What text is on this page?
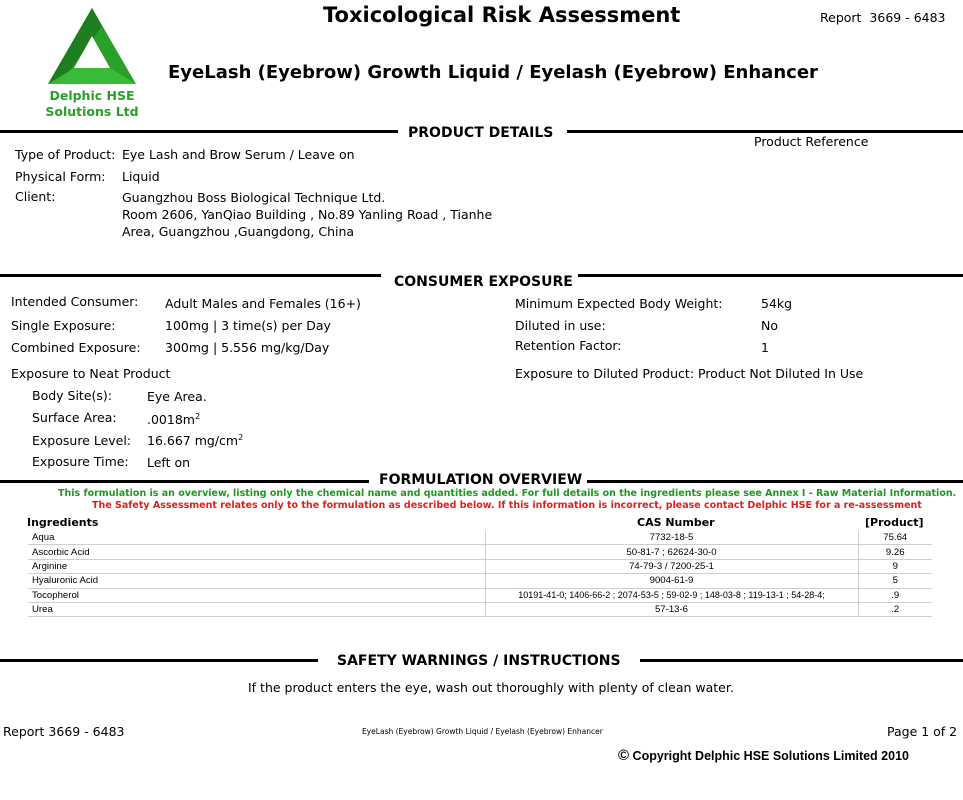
Delphic HSE
Solutions Ltd
Toxicological Risk Assessment	Report 3669 - 6483
EyeLash (Eyebrow) Growth Liquid / Eyelash (Eyebrow) Enhancer
PRODUCT DETAILS
Product Reference
Type of Product: Eye Lash and Brow Serum / Leave on
Physical Form: Liquid
Client:	Guangzhou Boss Biological Technique Ltd.
Room 2606, YanQiao Building , No.89 Yanling Road , Tianhe
Area, Guangzhou ,Guangdong, China
CONSUMER EXPOSURE
Intended Consumer: Adult Males and Females (16+)
Single Exposure:	100mg | 3 time(s) per Day
Combined Exposure: 300mg | 5.556 mg/kg/Day
Minimum Expected Body Weight:	54kg
Diluted in use:	No
Retention Factor:	1
Exposure to Neat Product	Exposure to Diluted Product: Product Not Diluted In Use
Body Site(s):	Eye Area.
Surface Area: $.0018m^2$
Exposure Level: 16.667 $mg/cm^2$
Exposure Time: Left on
FORMULATION OVERVIEW
This formulation is an overview, listing only the chemical name and quantities added. For full details on the ingredients please see Annex I - Raw Material Information.
The Safety Assessment relates only to the formulation as described below. If this information is incorrect, please contact Delphic HSE for a re-assessment
Ingredients	CAS Number	[Product]
Aqua	7732-18-5	75.64
Ascorbic Acid	50-81-7 ; 62624-30-0	9.26
Arginine	74-79-3 / 7200-25-1	9
Hyaluronic Acid	9004-61-9	5
Tocopherol	10191-41-0; 1406-66-2 ; 2074-53-5 ; 59-02-9 ; 148-03-8 ; 119-13-1 ; 54-28-4;	.9
Urea	57-13-6	.2
SAFETY WARNINGS / INSTRUCTIONS
If the product enters the eye, wash out thoroughly with plenty of clean water.
Report 3669 - 6483	EyeLash (Eyebrow) Growth Liquid / Eyelash (Eyebrow) Enhancer	Page 1 of 2
© Copyright Delphic HSE Solutions Limited 2010
